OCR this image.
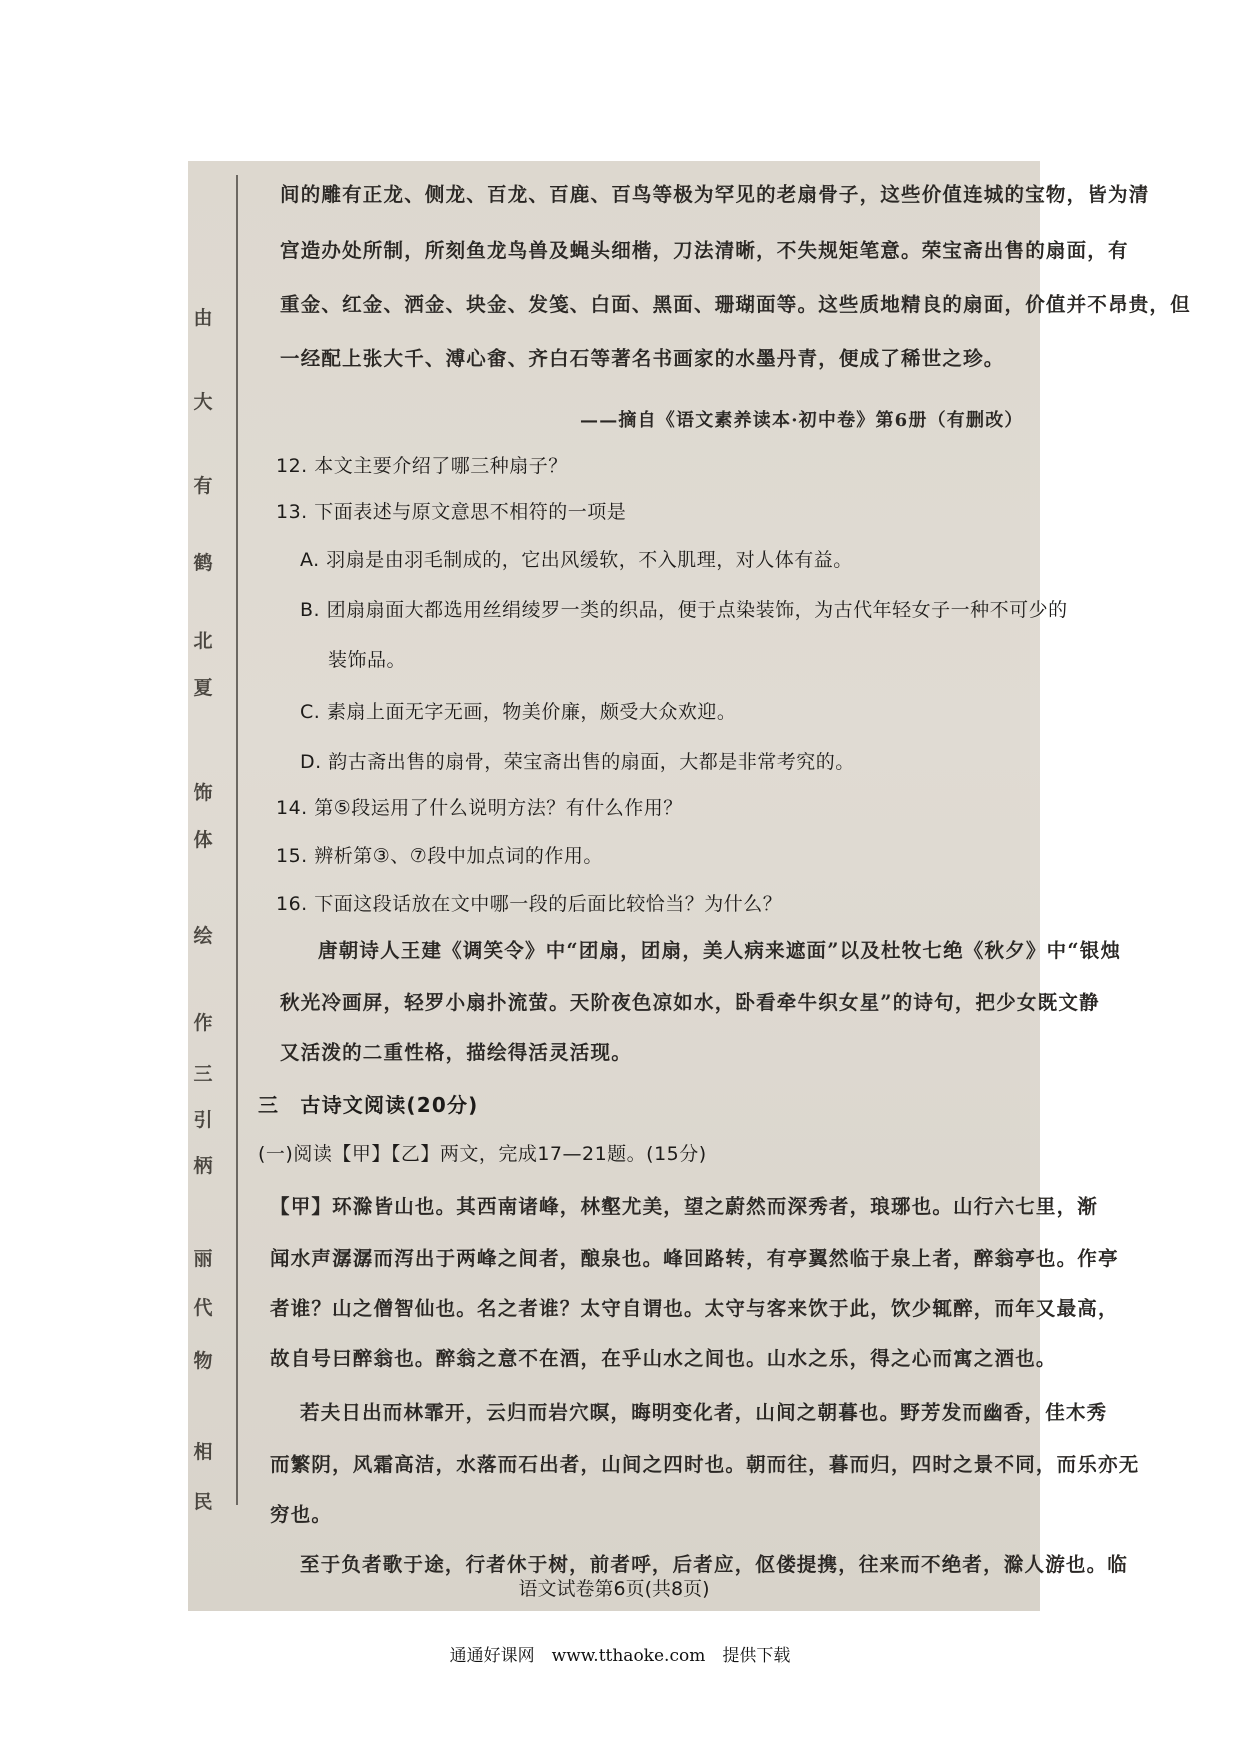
由
大
有
鹤
北
夏
饰
体
绘
作
三
引
柄
丽
代
物
相
民
间的雕有正龙、侧龙、百龙、百鹿、百鸟等极为罕见的老扇骨子，这些价值连城的宝物，皆为清
宫造办处所制，所刻鱼龙鸟兽及蝇头细楷，刀法清晰，不失规矩笔意。荣宝斋出售的扇面，有
重金、红金、洒金、块金、发笺、白面、黑面、珊瑚面等。这些质地精良的扇面，价值并不昂贵，但
一经配上张大千、溥心畬、齐白石等著名书画家的水墨丹青，便成了稀世之珍。
——摘自《语文素养读本·初中卷》第6册（有删改）
12. 本文主要介绍了哪三种扇子？
13. 下面表述与原文意思不相符的一项是
A. 羽扇是由羽毛制成的，它出风缓软，不入肌理，对人体有益。
B. 团扇扇面大都选用丝绢绫罗一类的织品，便于点染装饰，为古代年轻女子一种不可少的
装饰品。
C. 素扇上面无字无画，物美价廉，颇受大众欢迎。
D. 韵古斋出售的扇骨，荣宝斋出售的扇面，大都是非常考究的。
14. 第⑤段运用了什么说明方法？有什么作用？
15. 辨析第③、⑦段中加点词的作用。
16. 下面这段话放在文中哪一段的后面比较恰当？为什么？
唐朝诗人王建《调笑令》中“团扇，团扇，美人病来遮面”以及杜牧七绝《秋夕》中“银烛
秋光冷画屏，轻罗小扇扑流萤。天阶夜色凉如水，卧看牵牛织女星”的诗句，把少女既文静
又活泼的二重性格，描绘得活灵活现。
三　古诗文阅读(20分)
(一)阅读【甲】【乙】两文，完成17—21题。(15分)
【甲】环滁皆山也。其西南诸峰，林壑尤美，望之蔚然而深秀者，琅琊也。山行六七里，渐
闻水声潺潺而泻出于两峰之间者，酿泉也。峰回路转，有亭翼然临于泉上者，醉翁亭也。作亭
者谁？山之僧智仙也。名之者谁？太守自谓也。太守与客来饮于此，饮少辄醉，而年又最高，
故自号曰醉翁也。醉翁之意不在酒，在乎山水之间也。山水之乐，得之心而寓之酒也。
若夫日出而林霏开，云归而岩穴暝，晦明变化者，山间之朝暮也。野芳发而幽香，佳木秀
而繁阴，风霜高洁，水落而石出者，山间之四时也。朝而往，暮而归，四时之景不同，而乐亦无
穷也。
至于负者歌于途，行者休于树，前者呼，后者应，伛偻提携，往来而不绝者，滁人游也。临
语文试卷第6页(共8页)
通通好课网　www.tthaoke.com　提供下载
